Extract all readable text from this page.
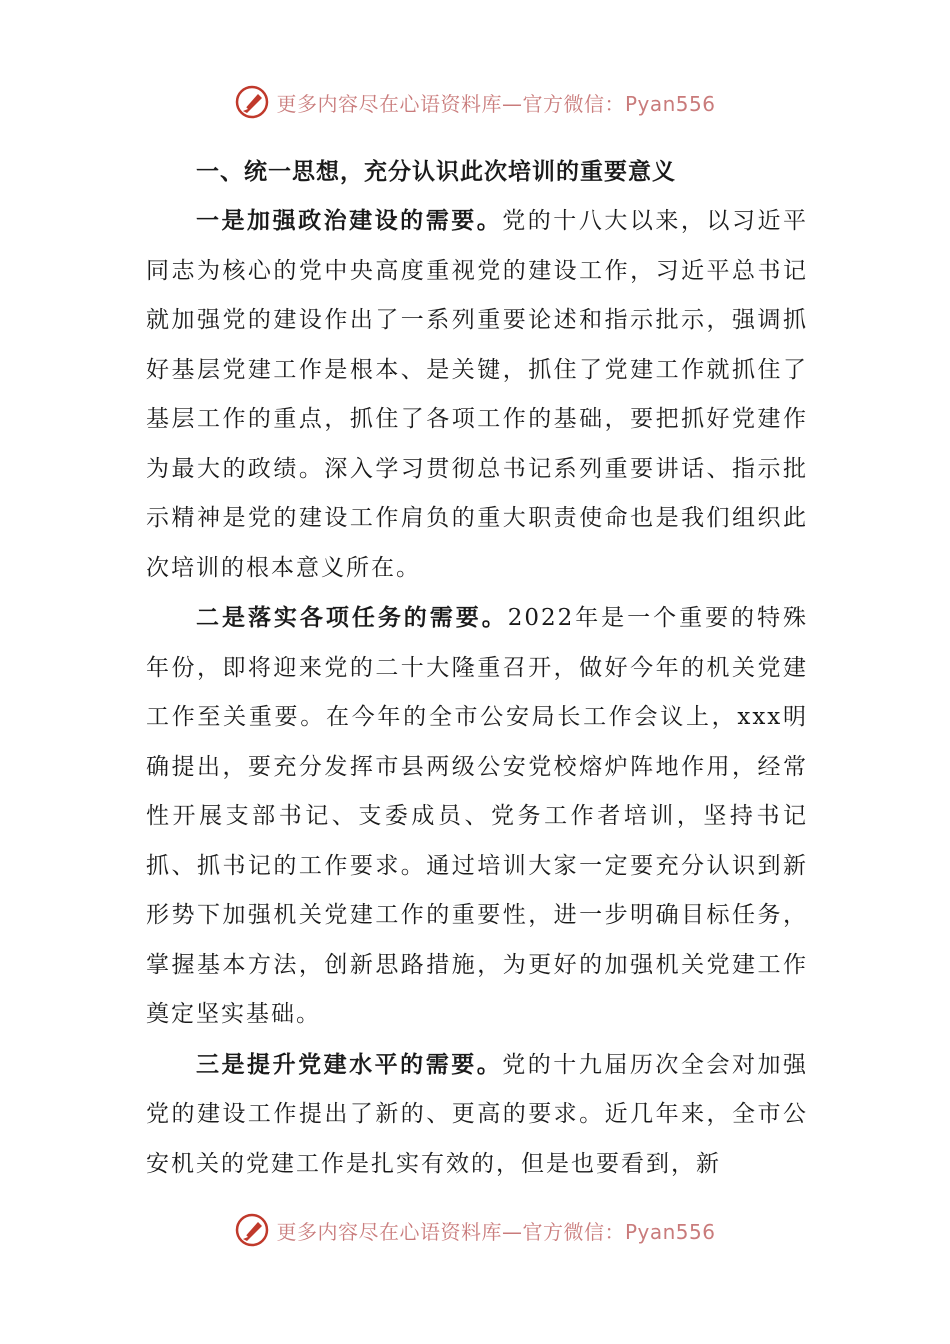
更多内容尽在心语资料库—官方微信：Pyan556

一、统一思想，充分认识此次培训的重要意义

一是加强政治建设的需要。党的十八大以来，以习近平同志为核心的党中央高度重视党的建设工作，习近平总书记就加强党的建设作出了一系列重要论述和指示批示，强调抓好基层党建工作是根本、是关键，抓住了党建工作就抓住了基层工作的重点，抓住了各项工作的基础，要把抓好党建作为最大的政绩。深入学习贯彻总书记系列重要讲话、指示批示精神是党的建设工作肩负的重大职责使命也是我们组织此次培训的根本意义所在。

二是落实各项任务的需要。2022年是一个重要的特殊年份，即将迎来党的二十大隆重召开，做好今年的机关党建工作至关重要。在今年的全市公安局长工作会议上，xxx明确提出，要充分发挥市县两级公安党校熔炉阵地作用，经常性开展支部书记、支委成员、党务工作者培训，坚持书记抓、抓书记的工作要求。通过培训大家一定要充分认识到新形势下加强机关党建工作的重要性，进一步明确目标任务，掌握基本方法，创新思路措施，为更好的加强机关党建工作奠定坚实基础。

三是提升党建水平的需要。党的十九届历次全会对加强党的建设工作提出了新的、更高的要求。近几年来，全市公安机关的党建工作是扎实有效的，但是也要看到，新

更多内容尽在心语资料库—官方微信：Pyan556
